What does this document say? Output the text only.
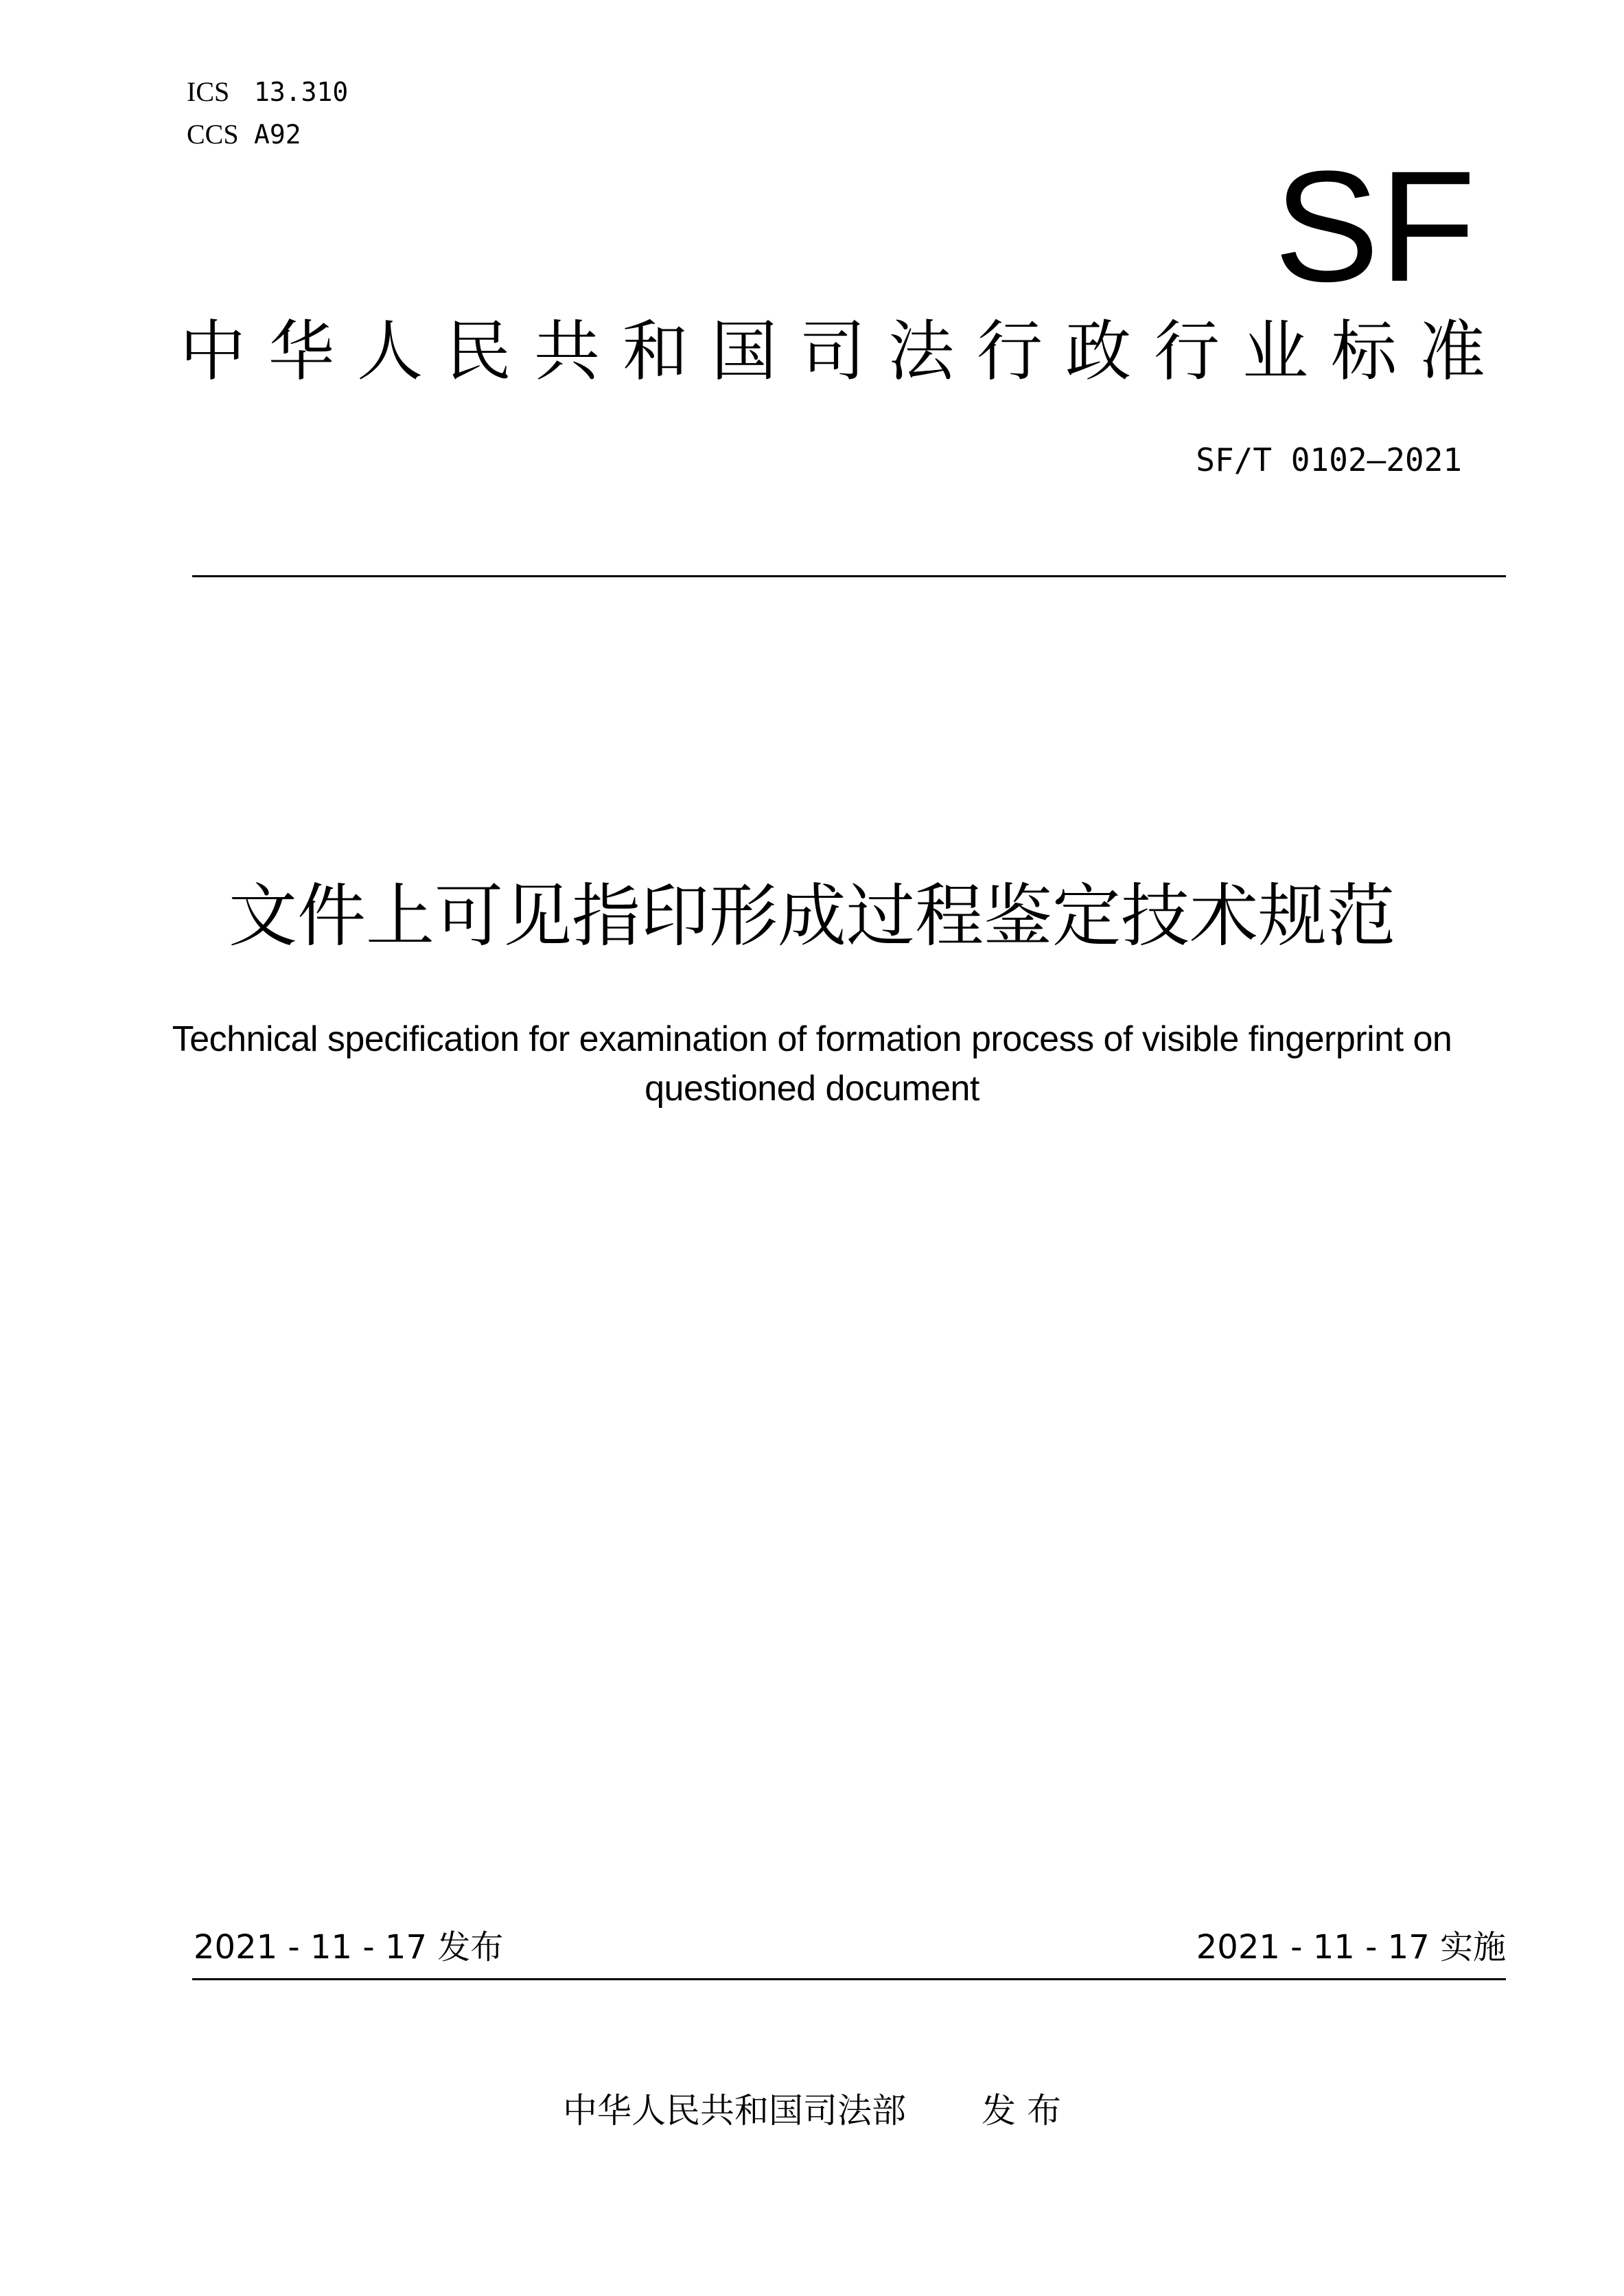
ICS 13.310
CCS A92
SF
中华人民共和国司法行政行业标准
SF/T 0102—2021
文件上可见指印形成过程鉴定技术规范
Technical specification for examination of formation process of visible fingerprint on questioned document
2021 - 11 - 17 发布	2021 - 11 - 17 实施
中华人民共和国司法部 发 布
